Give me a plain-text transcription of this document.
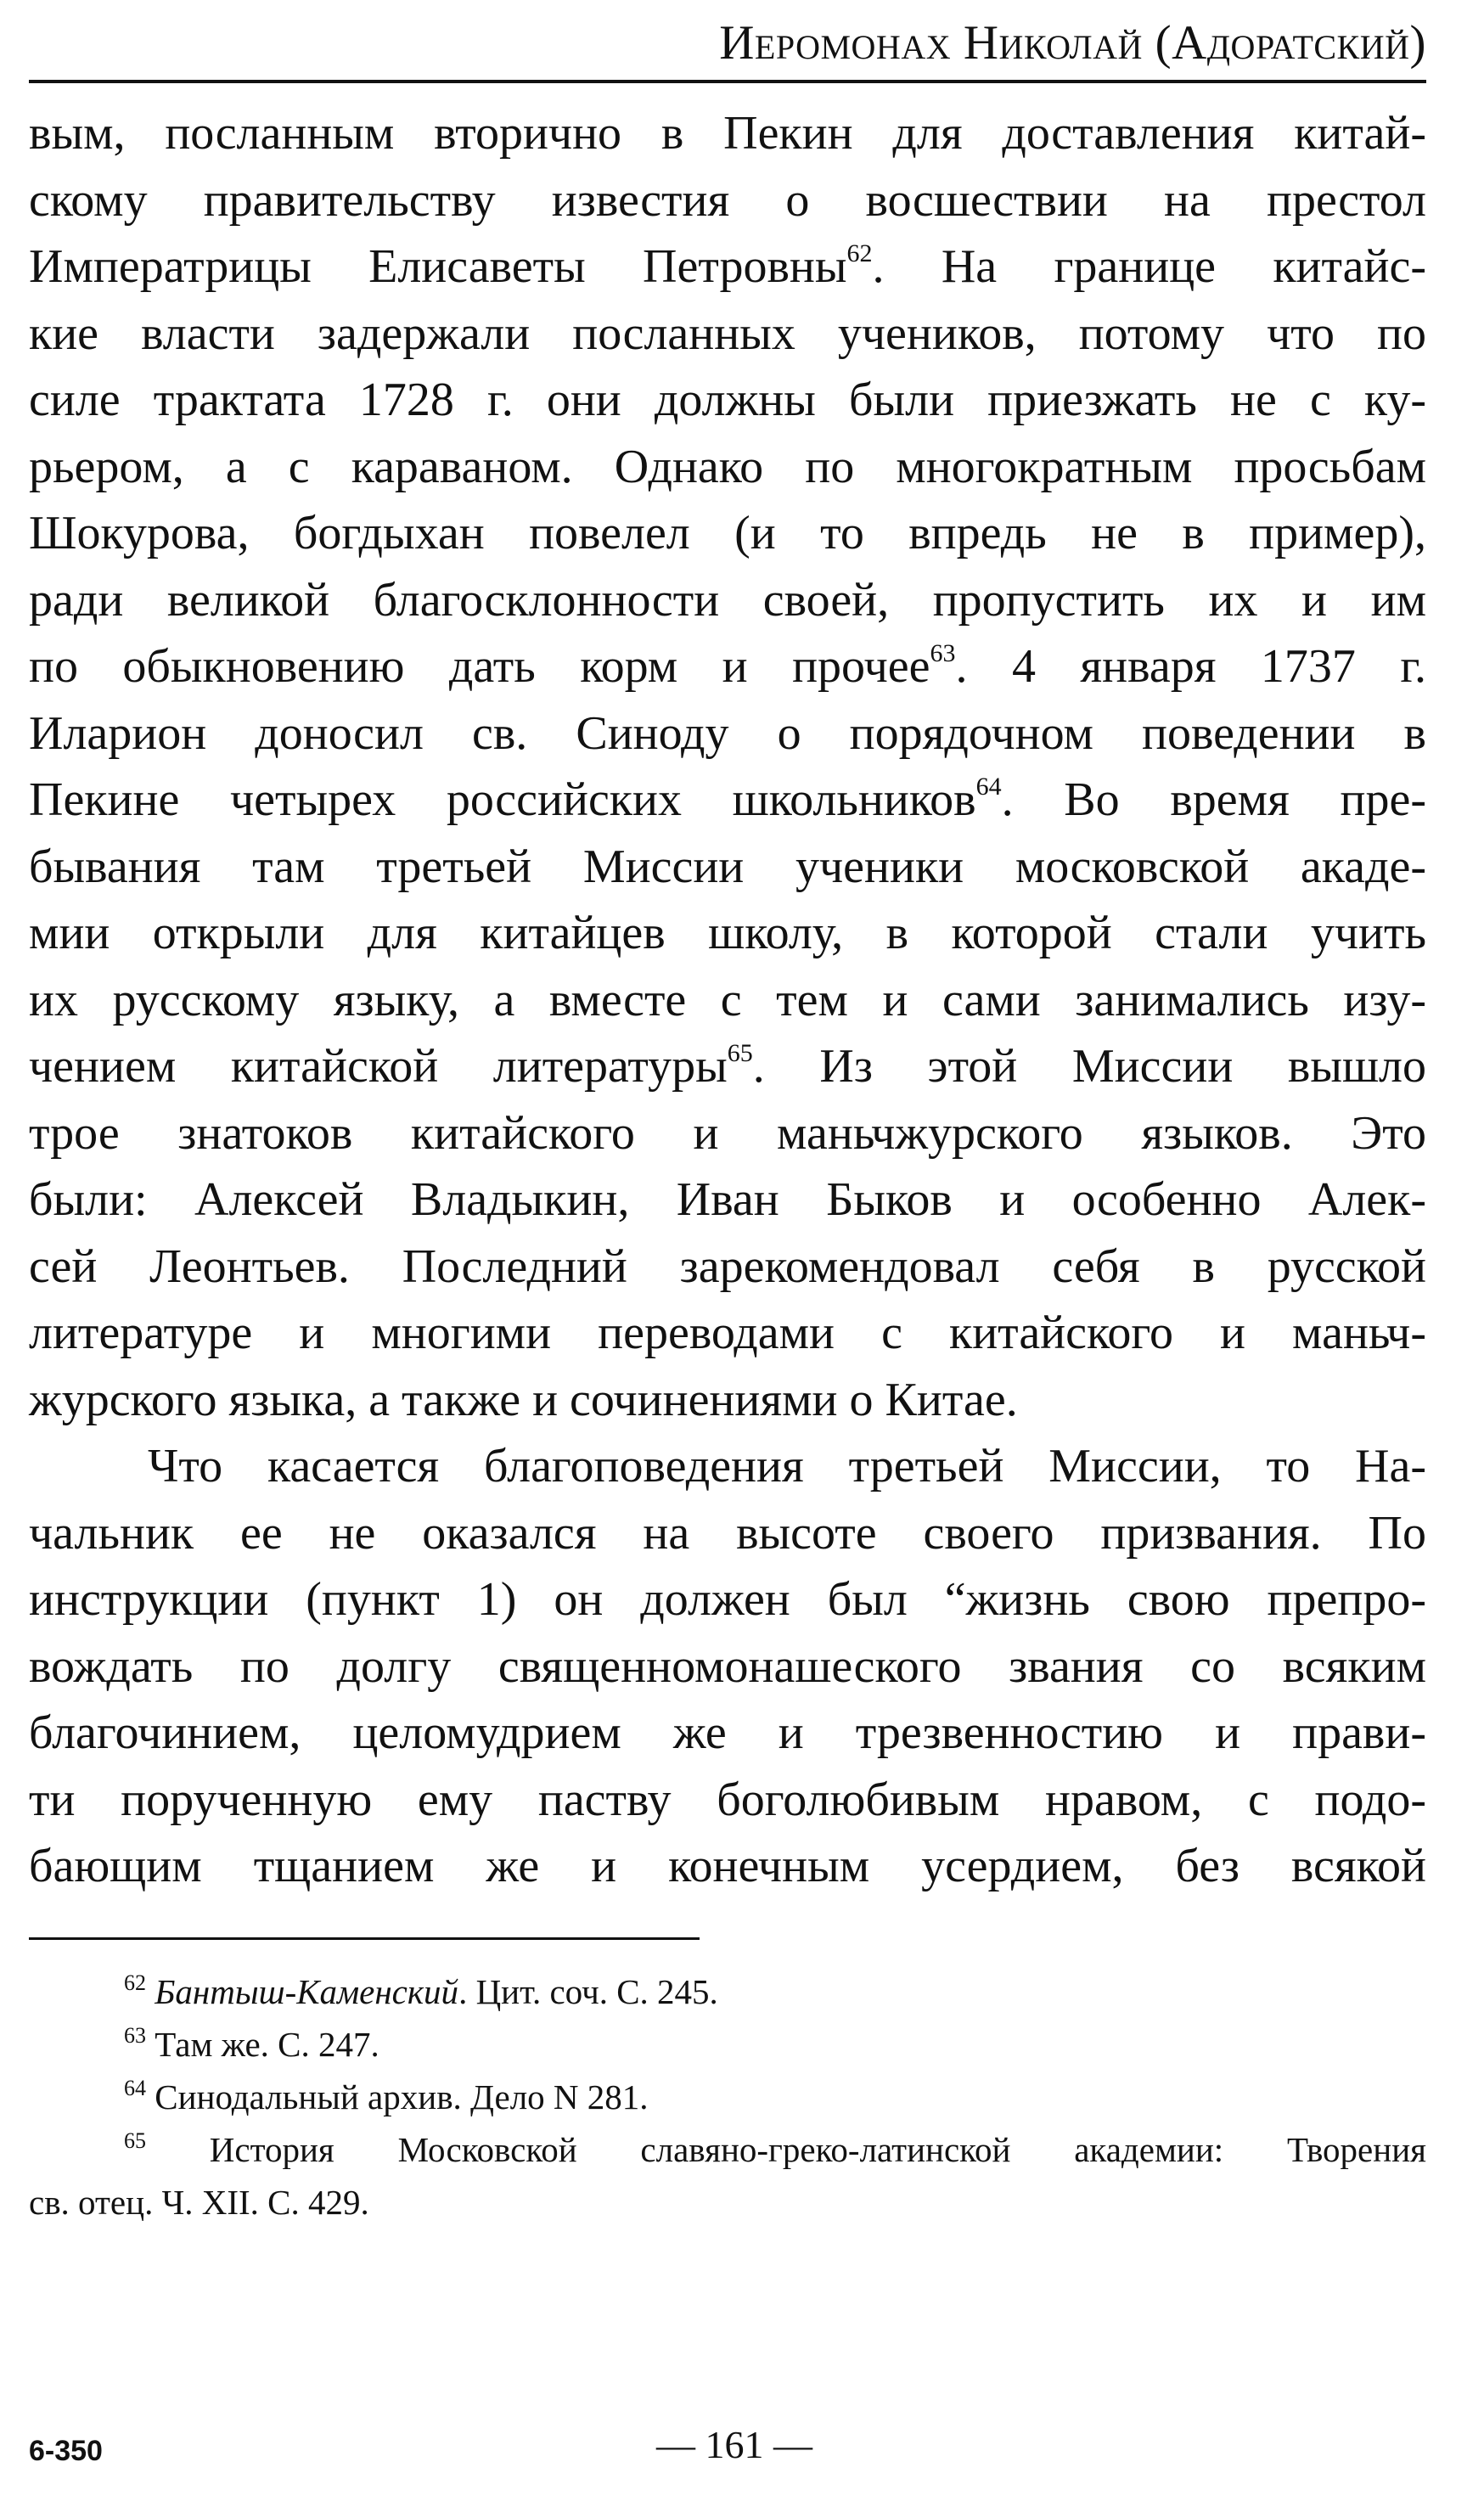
Иеромонах Николай (Адоратский)
вым, посланным вторично в Пекин для доставления китай-
скому правительству известия о восшествии на престол
Императрицы Елисаветы Петровны$^{62}$. На границе китайс-
кие власти задержали посланных учеников, потому что по
силе трактата 1728 г. они должны были приезжать не с ку-
рьером, а с караваном. Однако по многократным просьбам
Шокурова, богдыхан повелел (и то впредь не в пример),
ради великой благосклонности своей, пропустить их и им
по обыкновению дать корм и прочее$^{63}$. 4 января 1737 г.
Иларион доносил св. Синоду о порядочном поведении в
Пекине четырех российских школьников$^{64}$. Во время пре-
бывания там третьей Миссии ученики московской акаде-
мии открыли для китайцев школу, в которой стали учить
их русскому языку, а вместе с тем и сами занимались изу-
чением китайской литературы$^{65}$. Из этой Миссии вышло
трое знатоков китайского и маньчжурского языков. Это
были: Алексей Владыкин, Иван Быков и особенно Алек-
сей Леонтьев. Последний зарекомендовал себя в русской
литературе и многими переводами с китайского и маньч-
журского языка, а также и сочинениями о Китае.
Что касается благоповедения третьей Миссии, то На-
чальник ее не оказался на высоте своего призвания. По
инструкции (пункт 1) он должен был “жизнь свою препро-
вождать по долгу священномонашеского звания со всяким
благочинием, целомудрием же и трезвенностию и прави-
ти порученную ему паству боголюбивым нравом, с подо-
бающим тщанием же и конечным усердием, без всякой
$^{62}$ Бантыш-Каменский. Цит. соч. С. 245.
$^{63}$ Там же. С. 247.
$^{64}$ Синодальный архив. Дело N 281.
$^{65}$ История Московской славяно-греко-латинской академии: Творения
св. отец. Ч. XII. С. 429.
6-350	— 161 —
